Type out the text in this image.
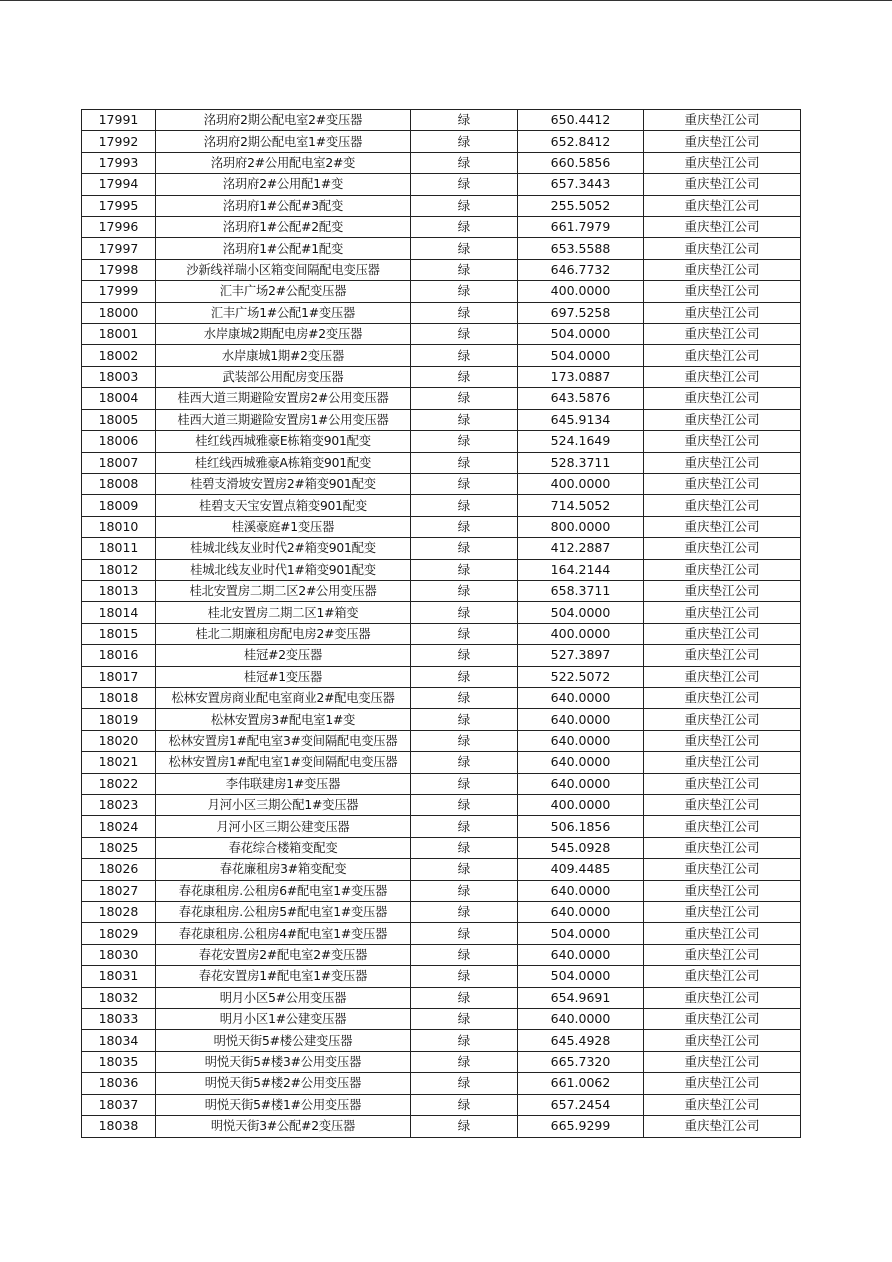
17991	洺玥府2期公配电室2#变压器	绿	650.4412	重庆垫江公司
17992	洺玥府2期公配电室1#变压器	绿	652.8412	重庆垫江公司
17993	洺玥府2#公用配电室2#变	绿	660.5856	重庆垫江公司
17994	洺玥府2#公用配1#变	绿	657.3443	重庆垫江公司
17995	洺玥府1#公配#3配变	绿	255.5052	重庆垫江公司
17996	洺玥府1#公配#2配变	绿	661.7979	重庆垫江公司
17997	洺玥府1#公配#1配变	绿	653.5588	重庆垫江公司
17998	沙新线祥瑞小区箱变间隔配电变压器	绿	646.7732	重庆垫江公司
17999	汇丰广场2#公配变压器	绿	400.0000	重庆垫江公司
18000	汇丰广场1#公配1#变压器	绿	697.5258	重庆垫江公司
18001	水岸康城2期配电房#2变压器	绿	504.0000	重庆垫江公司
18002	水岸康城1期#2变压器	绿	504.0000	重庆垫江公司
18003	武装部公用配房变压器	绿	173.0887	重庆垫江公司
18004	桂西大道三期避险安置房2#公用变压器	绿	643.5876	重庆垫江公司
18005	桂西大道三期避险安置房1#公用变压器	绿	645.9134	重庆垫江公司
18006	桂红线西城雅豪E栋箱变901配变	绿	524.1649	重庆垫江公司
18007	桂红线西城雅豪A栋箱变901配变	绿	528.3711	重庆垫江公司
18008	桂碧支滑坡安置房2#箱变901配变	绿	400.0000	重庆垫江公司
18009	桂碧支天宝安置点箱变901配变	绿	714.5052	重庆垫江公司
18010	桂溪豪庭#1变压器	绿	800.0000	重庆垫江公司
18011	桂城北线友业时代2#箱变901配变	绿	412.2887	重庆垫江公司
18012	桂城北线友业时代1#箱变901配变	绿	164.2144	重庆垫江公司
18013	桂北安置房二期二区2#公用变压器	绿	658.3711	重庆垫江公司
18014	桂北安置房二期二区1#箱变	绿	504.0000	重庆垫江公司
18015	桂北二期廉租房配电房2#变压器	绿	400.0000	重庆垫江公司
18016	桂冠#2变压器	绿	527.3897	重庆垫江公司
18017	桂冠#1变压器	绿	522.5072	重庆垫江公司
18018	松林安置房商业配电室商业2#配电变压器	绿	640.0000	重庆垫江公司
18019	松林安置房3#配电室1#变	绿	640.0000	重庆垫江公司
18020	松林安置房1#配电室3#变间隔配电变压器	绿	640.0000	重庆垫江公司
18021	松林安置房1#配电室1#变间隔配电变压器	绿	640.0000	重庆垫江公司
18022	李伟联建房1#变压器	绿	640.0000	重庆垫江公司
18023	月河小区三期公配1#变压器	绿	400.0000	重庆垫江公司
18024	月河小区三期公建变压器	绿	506.1856	重庆垫江公司
18025	春花综合楼箱变配变	绿	545.0928	重庆垫江公司
18026	春花廉租房3#箱变配变	绿	409.4485	重庆垫江公司
18027	春花康租房.公租房6#配电室1#变压器	绿	640.0000	重庆垫江公司
18028	春花康租房.公租房5#配电室1#变压器	绿	640.0000	重庆垫江公司
18029	春花康租房.公租房4#配电室1#变压器	绿	504.0000	重庆垫江公司
18030	春花安置房2#配电室2#变压器	绿	640.0000	重庆垫江公司
18031	春花安置房1#配电室1#变压器	绿	504.0000	重庆垫江公司
18032	明月小区5#公用变压器	绿	654.9691	重庆垫江公司
18033	明月小区1#公建变压器	绿	640.0000	重庆垫江公司
18034	明悦天街5#楼公建变压器	绿	645.4928	重庆垫江公司
18035	明悦天街5#楼3#公用变压器	绿	665.7320	重庆垫江公司
18036	明悦天街5#楼2#公用变压器	绿	661.0062	重庆垫江公司
18037	明悦天街5#楼1#公用变压器	绿	657.2454	重庆垫江公司
18038	明悦天街3#公配#2变压器	绿	665.9299	重庆垫江公司
